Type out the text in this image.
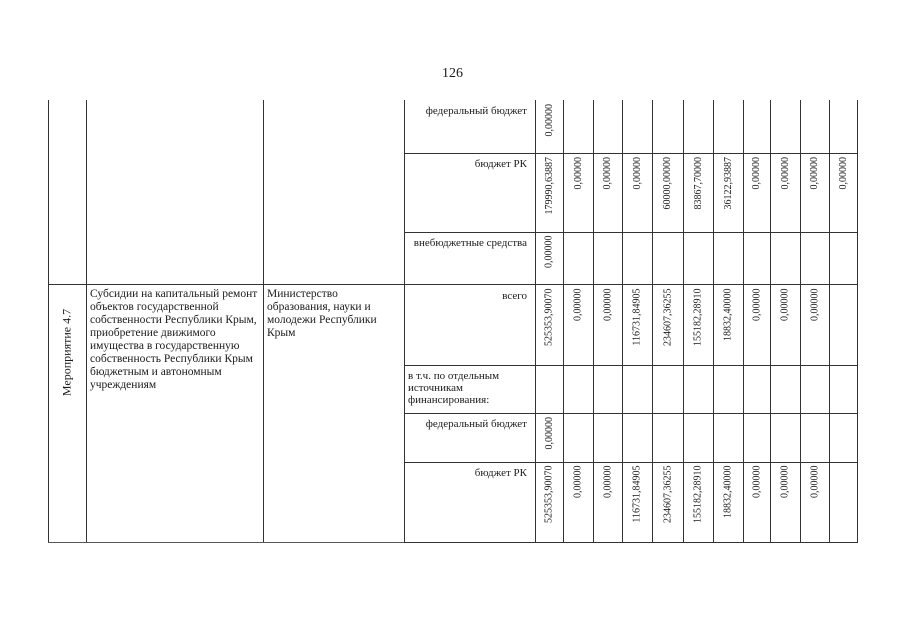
126
федеральный бюджет 0,00000
бюджет РК 179990,63887 0,00000 0,00000 0,00000 60000,00000 83867,70000 36122,93887 0,00000 0,00000 0,00000 0,00000
внебюджетные средства 0,00000
всего 525353,90070 0,00000 0,00000 116731,84905 234607,36255 155182,28910 18832,40000 0,00000 0,00000 0,00000
в т.ч. по отдельным источникам финансирования:
федеральный бюджет 0,00000
бюджет РК 525353,90070 0,00000 0,00000 116731,84905 234607,36255 155182,28910 18832,40000 0,00000 0,00000 0,00000
Мероприятие 4.7
Субсидии на капитальный ремонт объектов государственной собственности Республики Крым, приобретение движимого имущества в государственную собственность Республики Крым бюджетным и автономным учреждениям
Министерство образования, науки и молодежи Республики Крым
